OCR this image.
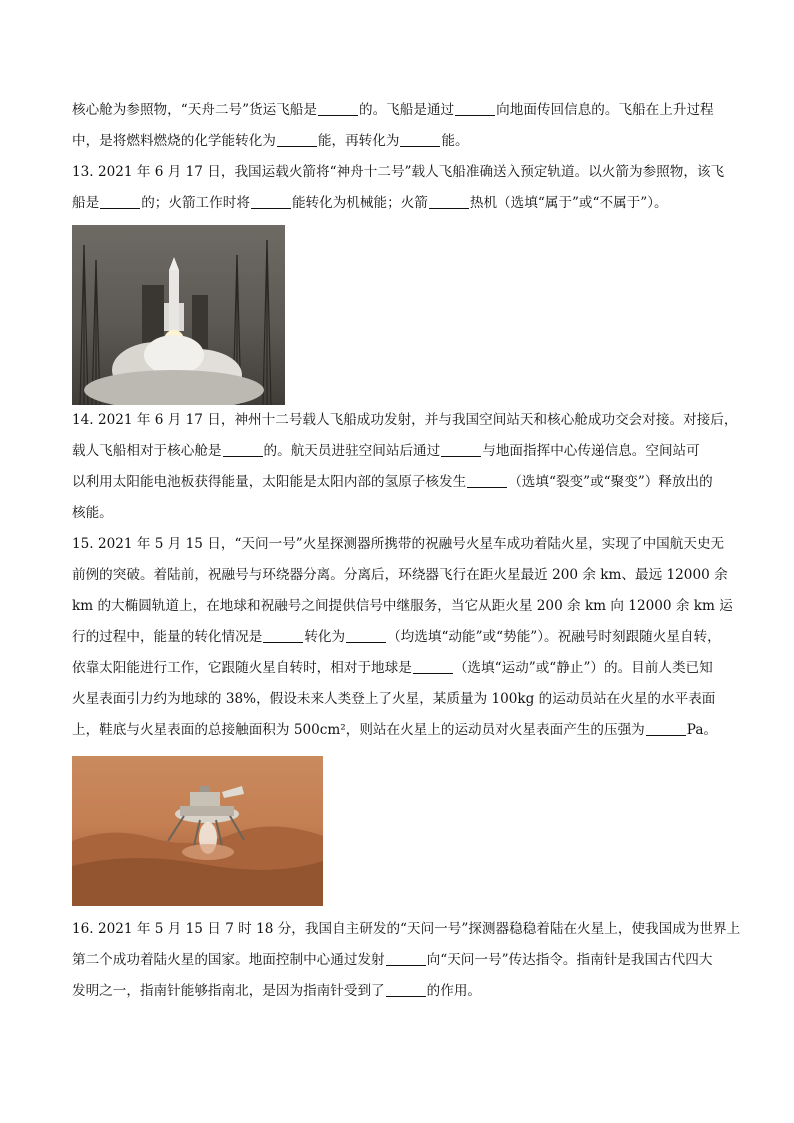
核心舱为参照物，“天舟二号”货运飞船是	的。飞船是通过	向地面传回信息的。飞船在上升过程
中，是将燃料燃烧的化学能转化为	能，再转化为	能。
13. 2021 年 6 月 17 日，我国运载火箭将“神舟十二号”载人飞船准确送入预定轨道。以火箭为参照物，该飞
船是	的；火箭工作时将	能转化为机械能；火箭	热机（选填“属于”或“不属于”）。
14. 2021 年 6 月 17 日，神州十二号载人飞船成功发射，并与我国空间站天和核心舱成功交会对接。对接后，
载人飞船相对于核心舱是	的。航天员进驻空间站后通过	与地面指挥中心传递信息。空间站可
以利用太阳能电池板获得能量，太阳能是太阳内部的氢原子核发生	（选填“裂变”或“聚变”）释放出的
核能。
15. 2021 年 5 月 15 日，“天问一号”火星探测器所携带的祝融号火星车成功着陆火星，实现了中国航天史无
前例的突破。着陆前，祝融号与环绕器分离。分离后，环绕器飞行在距火星最近 200 余 km、最远 12000 余
km 的大椭圆轨道上，在地球和祝融号之间提供信号中继服务，当它从距火星 200 余 km 向 12000 余 km 运
行的过程中，能量的转化情况是	转化为	（均选填“动能”或“势能”）。祝融号时刻跟随火星自转，
依靠太阳能进行工作，它跟随火星自转时，相对于地球是	（选填“运动”或“静止”）的。目前人类已知
火星表面引力约为地球的 38%，假设未来人类登上了火星，某质量为 100kg 的运动员站在火星的水平表面
上，鞋底与火星表面的总接触面积为 500cm²，则站在火星上的运动员对火星表面产生的压强为	Pa。
16. 2021 年 5 月 15 日 7 时 18 分，我国自主研发的“天问一号”探测器稳稳着陆在火星上，使我国成为世界上
第二个成功着陆火星的国家。地面控制中心通过发射	向“天问一号”传达指令。指南针是我国古代四大
发明之一，指南针能够指南北，是因为指南针受到了	的作用。
